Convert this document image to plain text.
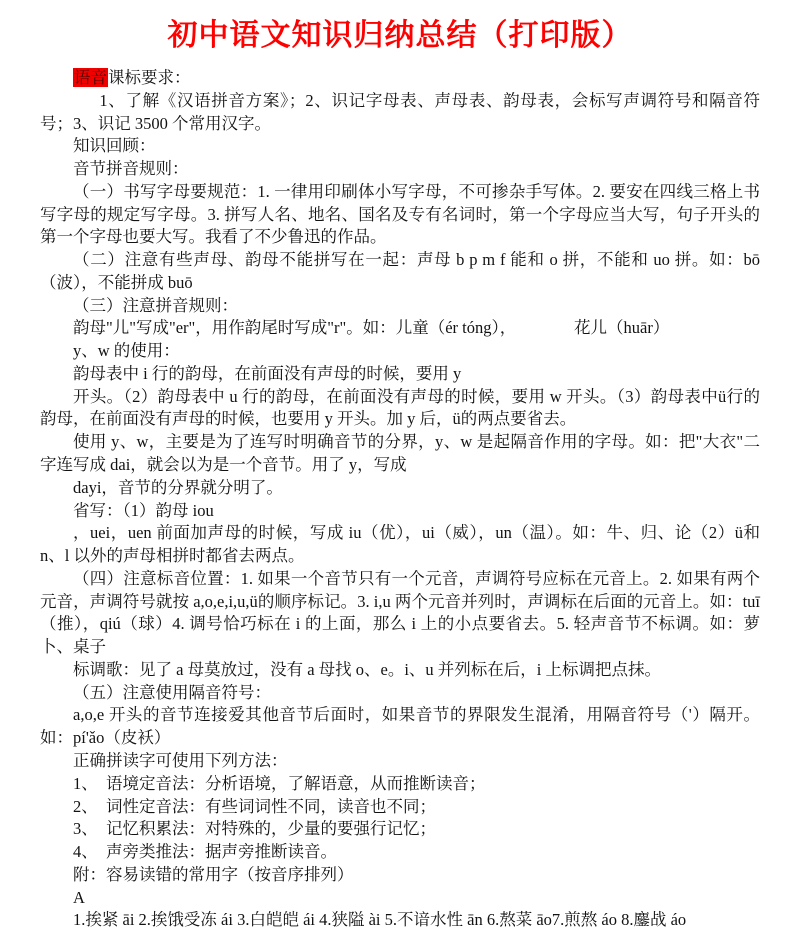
初中语文知识归纳总结（打印版）

语音课标要求：

1、了解《汉语拼音方案》；2、识记字母表、声母表、韵母表，会标写声调符号和隔音符号；3、识记 3500 个常用汉字。

知识回顾：

音节拼音规则：

（一）书写字母要规范：1. 一律用印刷体小写字母，不可掺杂手写体。2. 要安在四线三格上书写字母的规定写字母。3. 拼写人名、地名、国名及专有名词时，第一个字母应当大写，句子开头的第一个字母也要大写。我看了不少鲁迅的作品。

（二）注意有些声母、韵母不能拼写在一起：声母 b p m f 能和 o 拼，不能和 uo 拼。如：bō（波），不能拼成 buō

（三）注意拼音规则：

韵母"儿"写成"er"，用作韵尾时写成"r"。如：儿童（ér tóng），　　　　花儿（huār）

y、w 的使用：

韵母表中 i 行的韵母，在前面没有声母的时候，要用 y

开头。（2）韵母表中 u 行的韵母，在前面没有声母的时候，要用 w 开头。（3）韵母表中ü行的韵母，在前面没有声母的时候，也要用 y 开头。加 y 后，ü的两点要省去。

使用 y、w，主要是为了连写时明确音节的分界，y、w 是起隔音作用的字母。如：把"大衣"二字连写成 dai，就会以为是一个音节。用了 y，写成

dayi，音节的分界就分明了。

省写：（1）韵母 iou

，uei，uen 前面加声母的时候，写成 iu（优），ui（威），un（温）。如：牛、归、论（2）ü和 n、l 以外的声母相拼时都省去两点。

（四）注意标音位置：1. 如果一个音节只有一个元音，声调符号应标在元音上。2. 如果有两个元音，声调符号就按 a,o,e,i,u,ü的顺序标记。3. i,u 两个元音并列时，声调标在后面的元音上。如：tuī（推），qiú（球）4. 调号恰巧标在 i 的上面，那么 i 上的小点要省去。5. 轻声音节不标调。如：萝卜、桌子

标调歌：见了 a 母莫放过，没有 a 母找 o、e。i、u 并列标在后，i 上标调把点抹。

（五）注意使用隔音符号：

a,o,e 开头的音节连接爱其他音节后面时，如果音节的界限发生混淆，用隔音符号（'）隔开。如：pí'ǎo（皮袄）

正确拼读字可使用下列方法：

1、　语境定音法：分析语境，了解语意，从而推断读音；

2、　词性定音法：有些词词性不同，读音也不同；

3、　记忆积累法：对特殊的，少量的要强行记忆；

4、　声旁类推法：据声旁推断读音。

附：容易读错的常用字（按音序排列）

A

1.挨紧 āi 2.挨饿受冻 ái 3.白皑皑 ái 4.狭隘 ài 5.不谙水性 ān 6.熬菜 āo7.煎熬 áo 8.鏖战 áo
